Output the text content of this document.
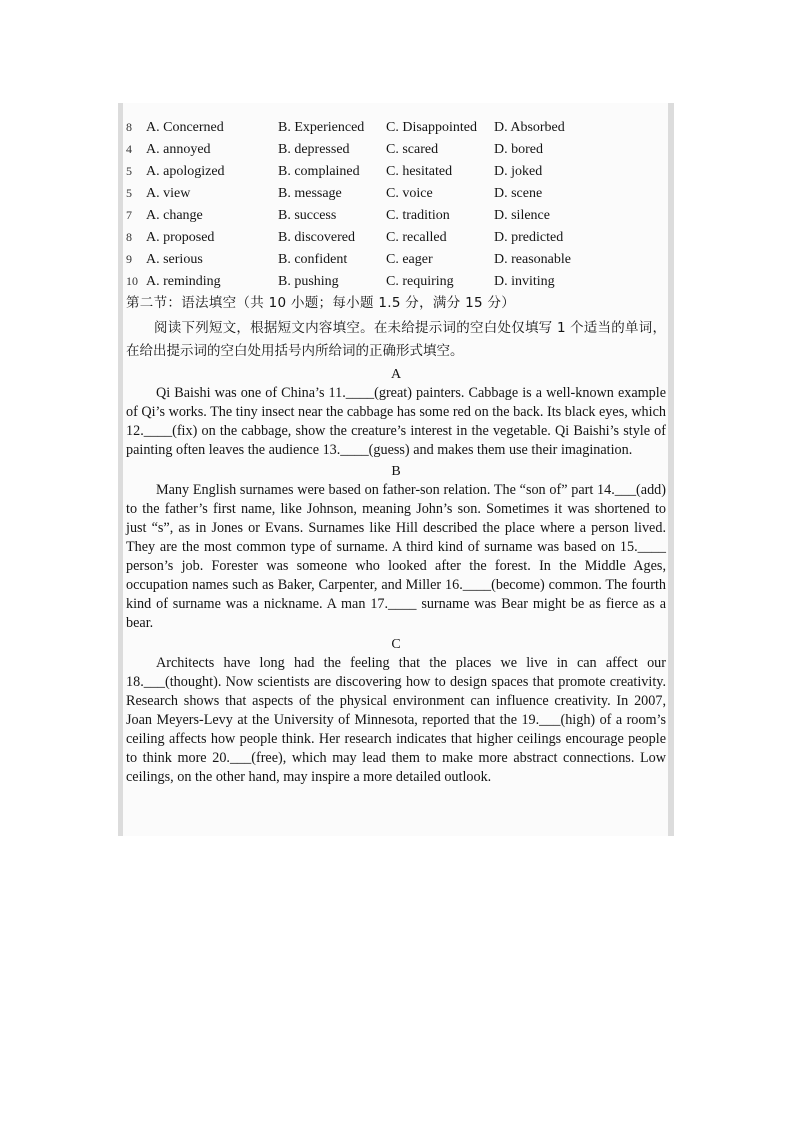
8	A. Concerned	B. Experienced	C. Disappointed	D. Absorbed
4	A. annoyed	B. depressed	C. scared	D. bored
5	A. apologized	B. complained	C. hesitated	D. joked
5	A. view	B. message	C. voice	D. scene
7	A. change	B. success	C. tradition	D. silence
8	A. proposed	B. discovered	C. recalled	D. predicted
9	A. serious	B. confident	C. eager	D. reasonable
10 A. reminding	B. pushing	C. requiring	D. inviting
第二节：语法填空（共 10 小题；每小题 1.5 分，满分 15 分）
阅读下列短文，根据短文内容填空。在未给提示词的空白处仅填写 1 个适当的单词，在给出提示词的空白处用括号内所给词的正确形式填空。
A

Qi Baishi was one of China’s 11.____(great) painters. Cabbage is a well-known example of Qi’s works. The tiny insect near the cabbage has some red on the back. Its black eyes, which 12.____(fix) on the cabbage, show the creature’s interest in the vegetable. Qi Baishi’s style of painting often leaves the audience 13.____(guess) and makes them use their imagination.

B

Many English surnames were based on father-son relation. The “son of” part 14.___(add) to the father’s first name, like Johnson, meaning John’s son. Sometimes it was shortened to just “s”, as in Jones or Evans. Surnames like Hill described the place where a person lived. They are the most common type of surname. A third kind of surname was based on 15.____ person’s job. Forester was someone who looked after the forest. In the Middle Ages, occupation names such as Baker, Carpenter, and Miller 16.____(become) common. The fourth kind of surname was a nickname. A man 17.____ surname was Bear might be as fierce as a bear.

C

Architects have long had the feeling that the places we live in can affect our 18.___(thought). Now scientists are discovering how to design spaces that promote creativity. Research shows that aspects of the physical environment can influence creativity. In 2007, Joan Meyers-Levy at the University of Minnesota, reported that the 19.___(high) of a room’s ceiling affects how people think. Her research indicates that higher ceilings encourage people to think more 20.___(free), which may lead them to make more abstract connections. Low ceilings, on the other hand, may inspire a more detailed outlook.
